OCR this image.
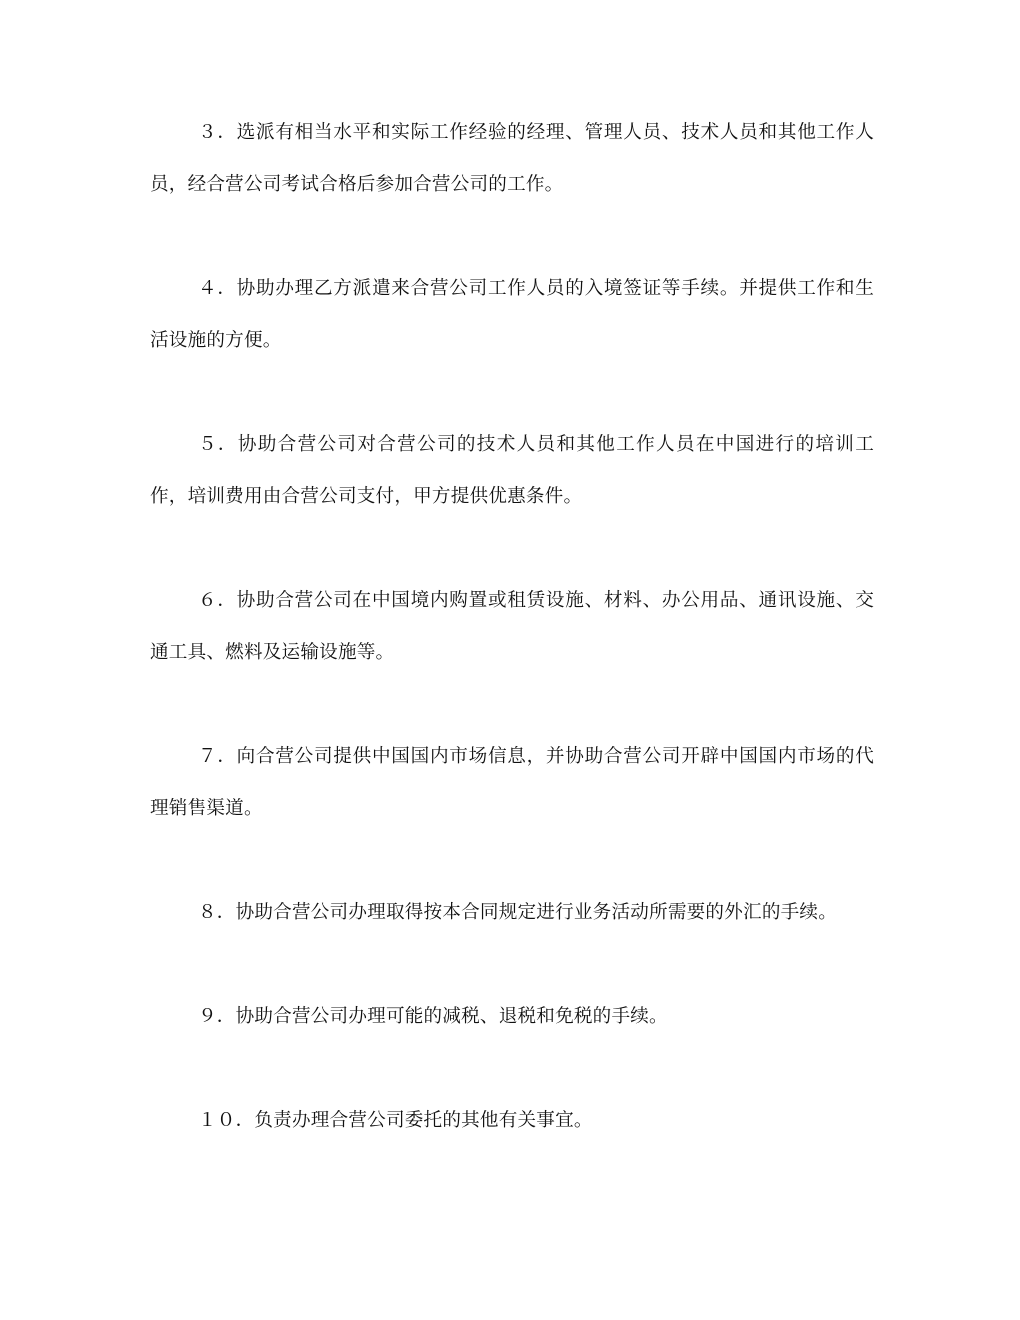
３．选派有相当水平和实际工作经验的经理、管理人员、技术人员和其他工作人员，经合营公司考试合格后参加合营公司的工作。

４．协助办理乙方派遣来合营公司工作人员的入境签证等手续。并提供工作和生活设施的方便。

５．协助合营公司对合营公司的技术人员和其他工作人员在中国进行的培训工作，培训费用由合营公司支付，甲方提供优惠条件。

６．协助合营公司在中国境内购置或租赁设施、材料、办公用品、通讯设施、交通工具、燃料及运输设施等。

７．向合营公司提供中国国内市场信息，并协助合营公司开辟中国国内市场的代理销售渠道。

８．协助合营公司办理取得按本合同规定进行业务活动所需要的外汇的手续。

９．协助合营公司办理可能的减税、退税和免税的手续。

１０．负责办理合营公司委托的其他有关事宜。
